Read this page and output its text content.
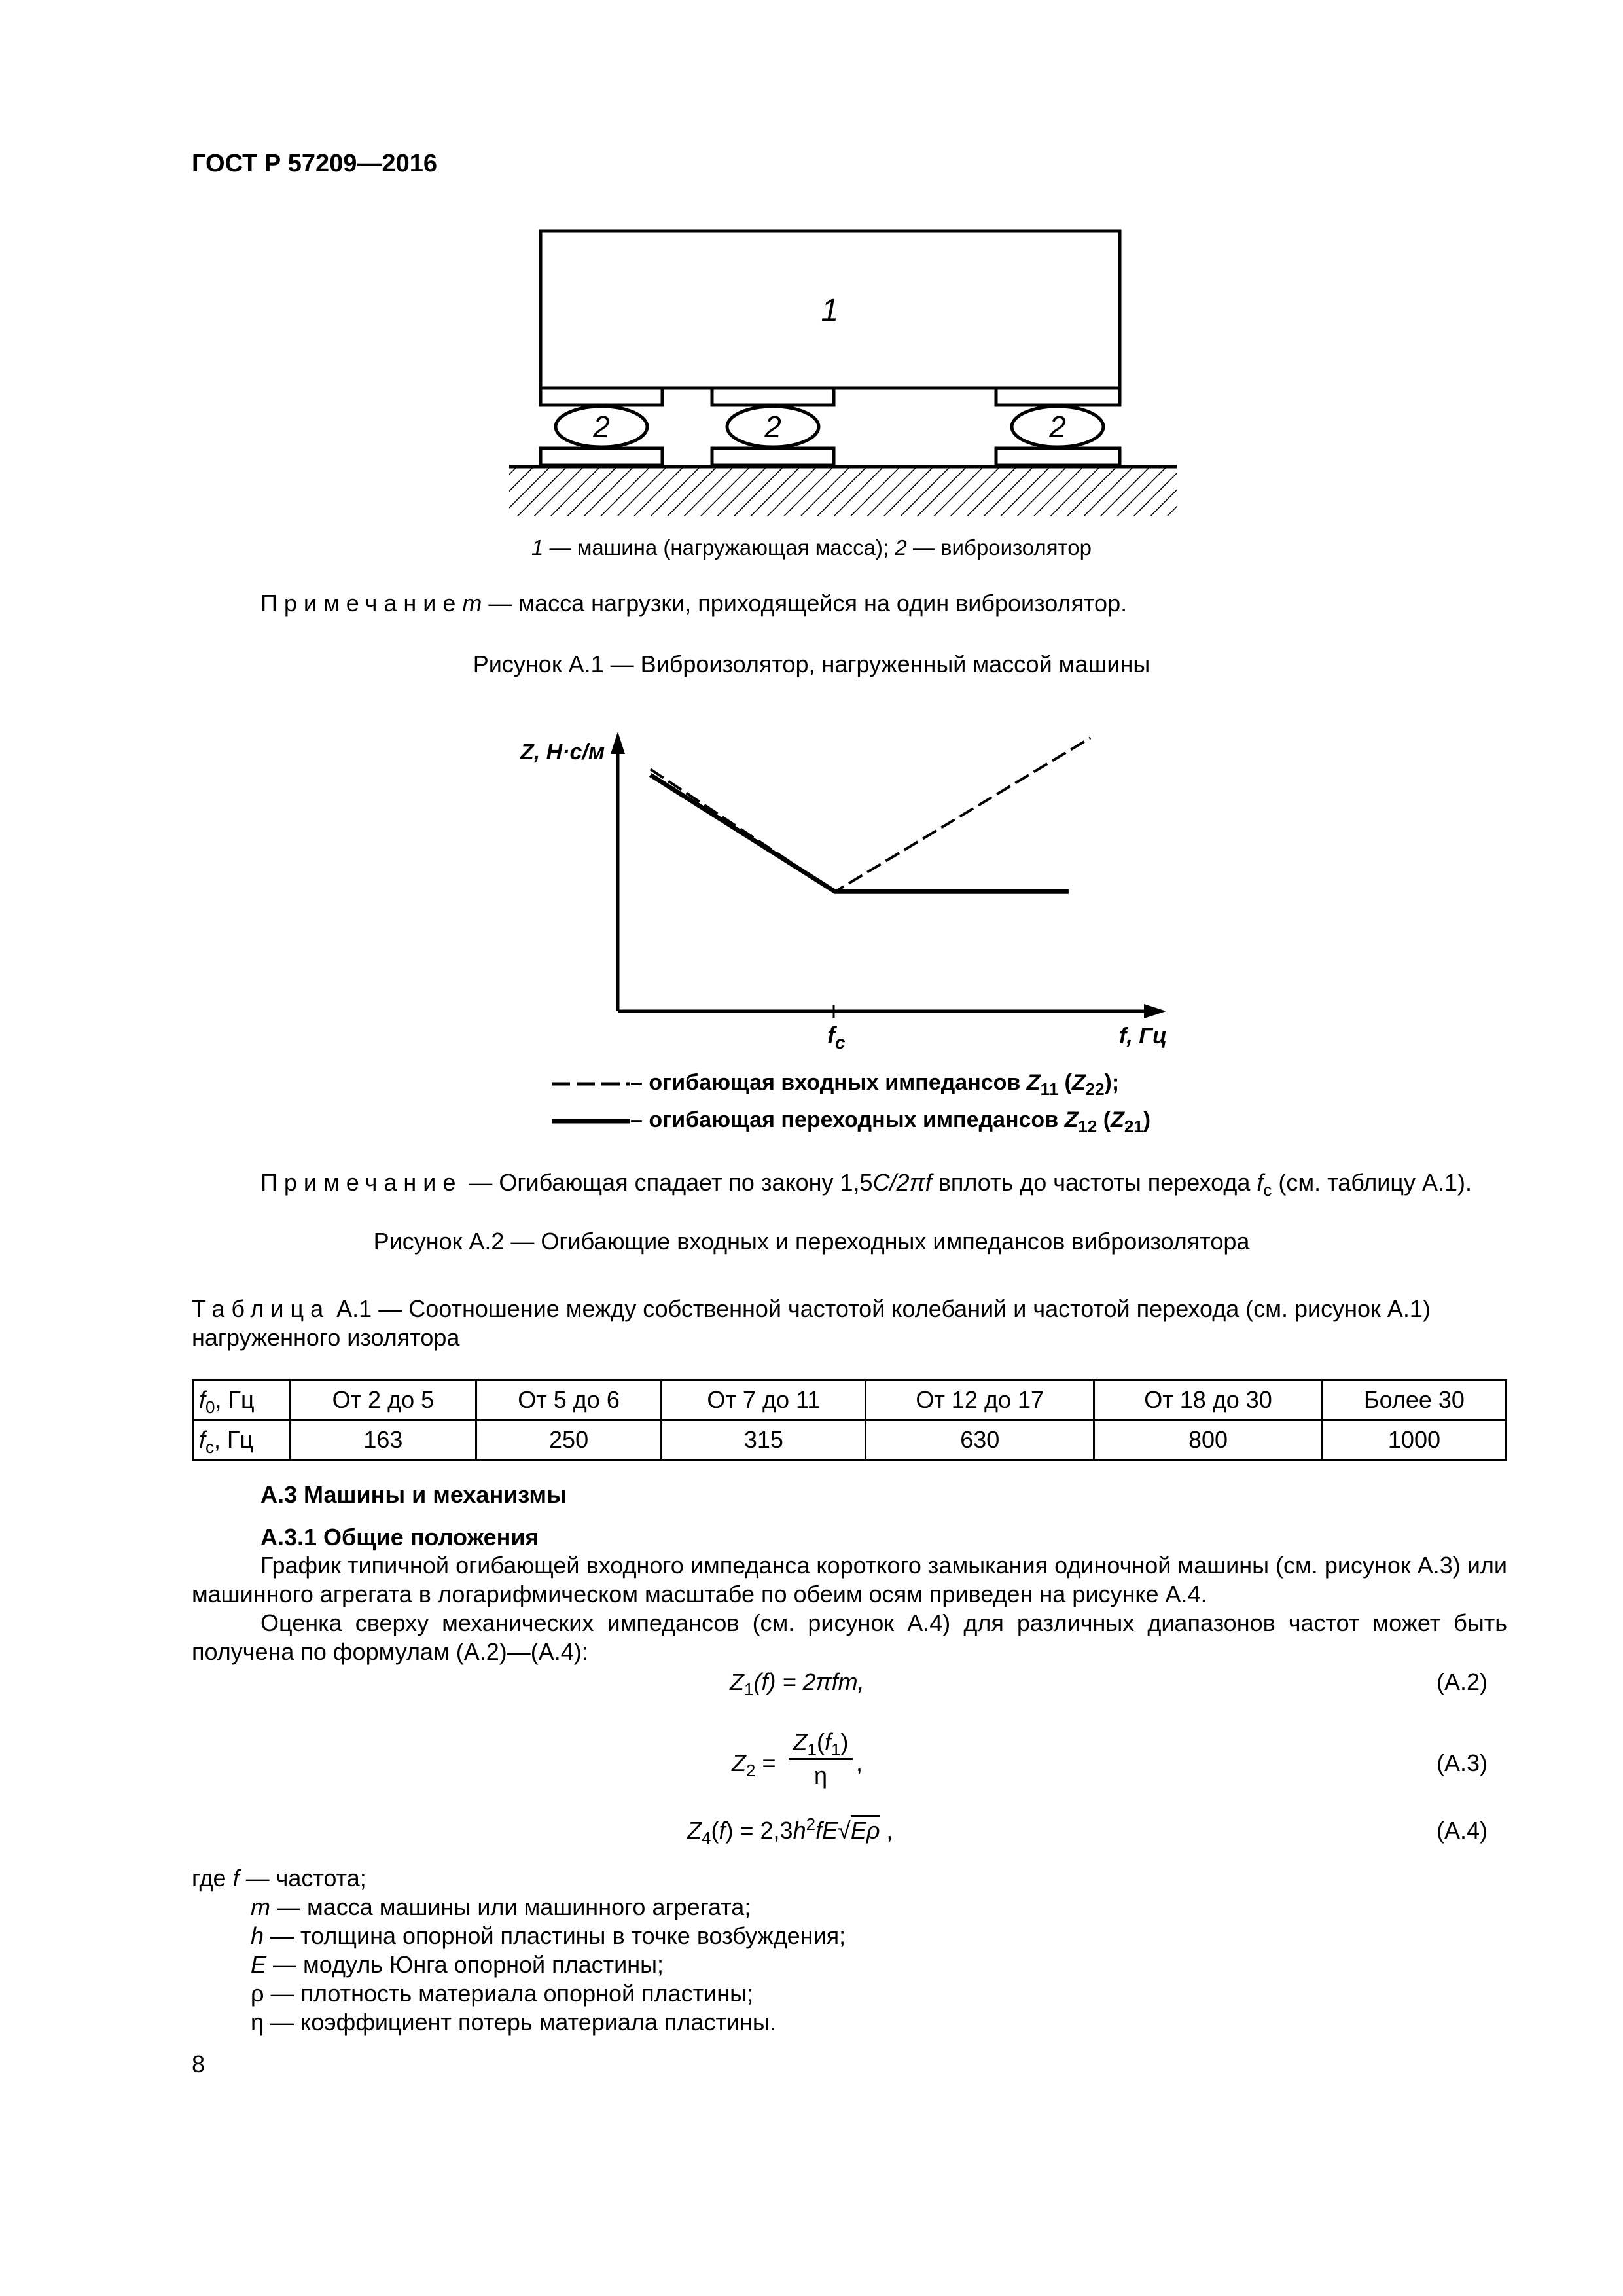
ГОСТ Р 57209—2016
1
2	2	2
1 — машина (нагружающая масса); 2 — виброизолятор
Примечаниеm — масса нагрузки, приходящейся на один виброизолятор.
Рисунок А.1 — Виброизолятор, нагруженный массой машины
Z, Н·с/м
$f_c$	f, Гц
– огибающая входных импедансов $Z_{11}$ $(Z_{22})$;
– огибающая переходных импедансов $Z_{12}$ $(Z_{21})$
Примечание — Огибающая спадает по закону 1,5C/2πf вплоть до частоты перехода $f_c$ (см. таблицу А.1).
Рисунок А.2 — Огибающие входных и переходных импедансов виброизолятора
Таблица А.1 — Соотношение между собственной частотой колебаний и частотой перехода (см. рисунок А.1)
нагруженного изолятора
$f_0$, Гц	От 2 до 5	От 5 до 6	От 7 до 11	От 12 до 17	От 18 до 30	Более 30
$f_c$, Гц	163	250	315	630	800	1000
А.3 Машины и механизмы
А.3.1 Общие положения
График типичной огибающей входного импеданса короткого замыкания одиночной машины (см. рисунок А.3) или машинного агрегата в логарифмическом масштабе по обеим осям приведен на рисунке А.4.
Оценка сверху механических импедансов (см. рисунок А.4) для различных диапазонов частот может быть получена по формулам (А.2)—(А.4):
$Z_1(f) = 2\pi fm$,	(А.2)
$Z_2$ =
$Z_1(f_1)$
η	,	(А.3)
$Z_4(f) = 2,3h^2fE√E\rho$ ,	(А.4)
где f — частота;
m — масса машины или машинного агрегата;
h — толщина опорной пластины в точке возбуждения;
E — модуль Юнга опорной пластины;
ρ — плотность материала опорной пластины;
η — коэффициент потерь материала пластины.
8
